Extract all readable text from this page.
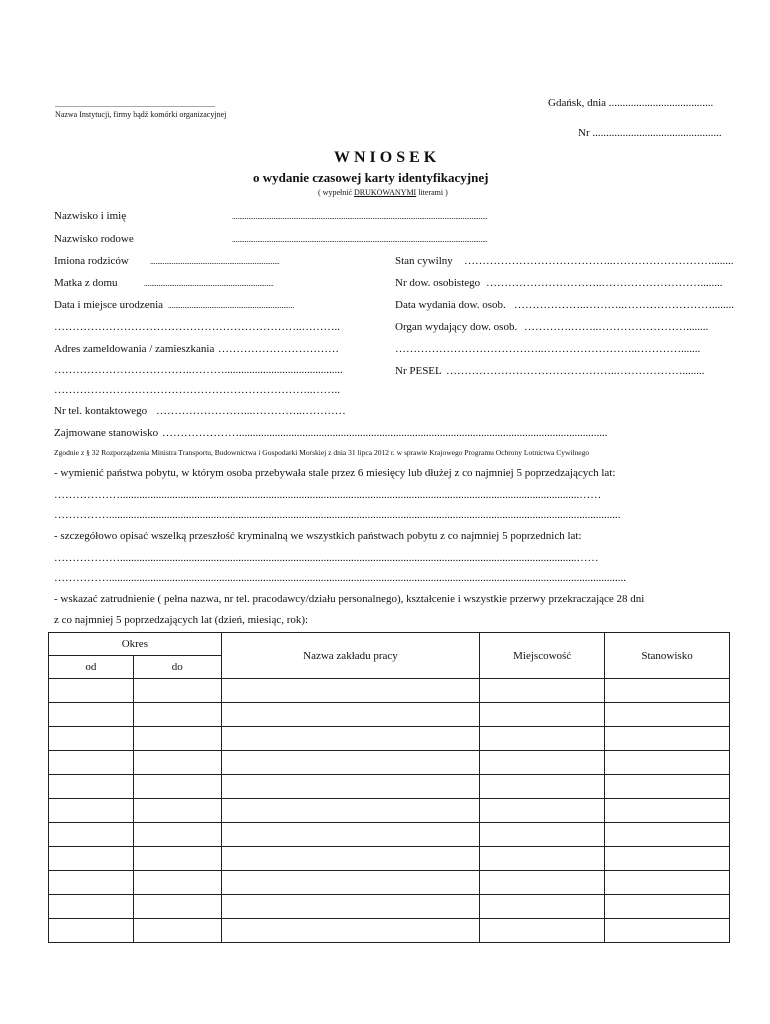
................................................................................
Nazwa Instytucji, firmy bądź komórki organizacyjnej
Gdańsk, dnia ......................................
Nr ...............................................
WNIOSEK
o wydanie czasowej karty identyfikacyjnej
( wypełnić DRUKOWANYMI literami )
Nazwisko i imię	..............................................................................................................................................
Nazwisko rodowe	..............................................................................................................................................
Imiona rodziców	........................................................................
Matka z domu	........................................................................
Data i miejsce urodzenia ......................................................................
…………………………………………………………..………..
Adres zameldowania / zamieszkania ……………………………
………………………………..………...........................................
……………………………………………………………..……..
Nr tel. kontaktowego ……………………...…………..…………
Zajmowane stanowisko …………………......................................................................................................................................
Stan cywilny …………………………………..………………………........
Nr dow. osobistego …………………………..………………………........
Data wydania dow. osob. ………………..………..……………………........
Organ wydający dow. osob. ………….……..……………………........
…………………………………..……………………..………….......
Nr PESEL ………………………………………..………………........
Zgodnie z § 32 Rozporządzenia Ministra Transportu, Budownictwa i Gospodarki Morskiej z dnia 31 lipca 2012 r. w sprawie Krajowego Programu Ochrony Lotnictwa Cywilnego
- wymienić państwa pobytu, w którym osoba przebywała stale przez 6 miesięcy lub dłużej z co najmniej 5 poprzedzających lat:
……………….......................................................................................................................................................................……
……………..........................................................................................................................................................................................
- szczegółowo opisać wszelką przeszłość kryminalną we wszystkich państwach pobytu z co najmniej 5 poprzednich lat:
………………......................................................................................................................................................................……
……………............................................................................................................................................................................................
- wskazać zatrudnienie ( pełna nazwa, nr tel. pracodawcy/działu personalnego), kształcenie i wszystkie przerwy przekraczające 28 dni
z co najmniej 5 poprzedzających lat (dzień, miesiąc, rok):
Okres		Nazwa zakładu pracy	Miejscowość	Stanowisko
od	do			
